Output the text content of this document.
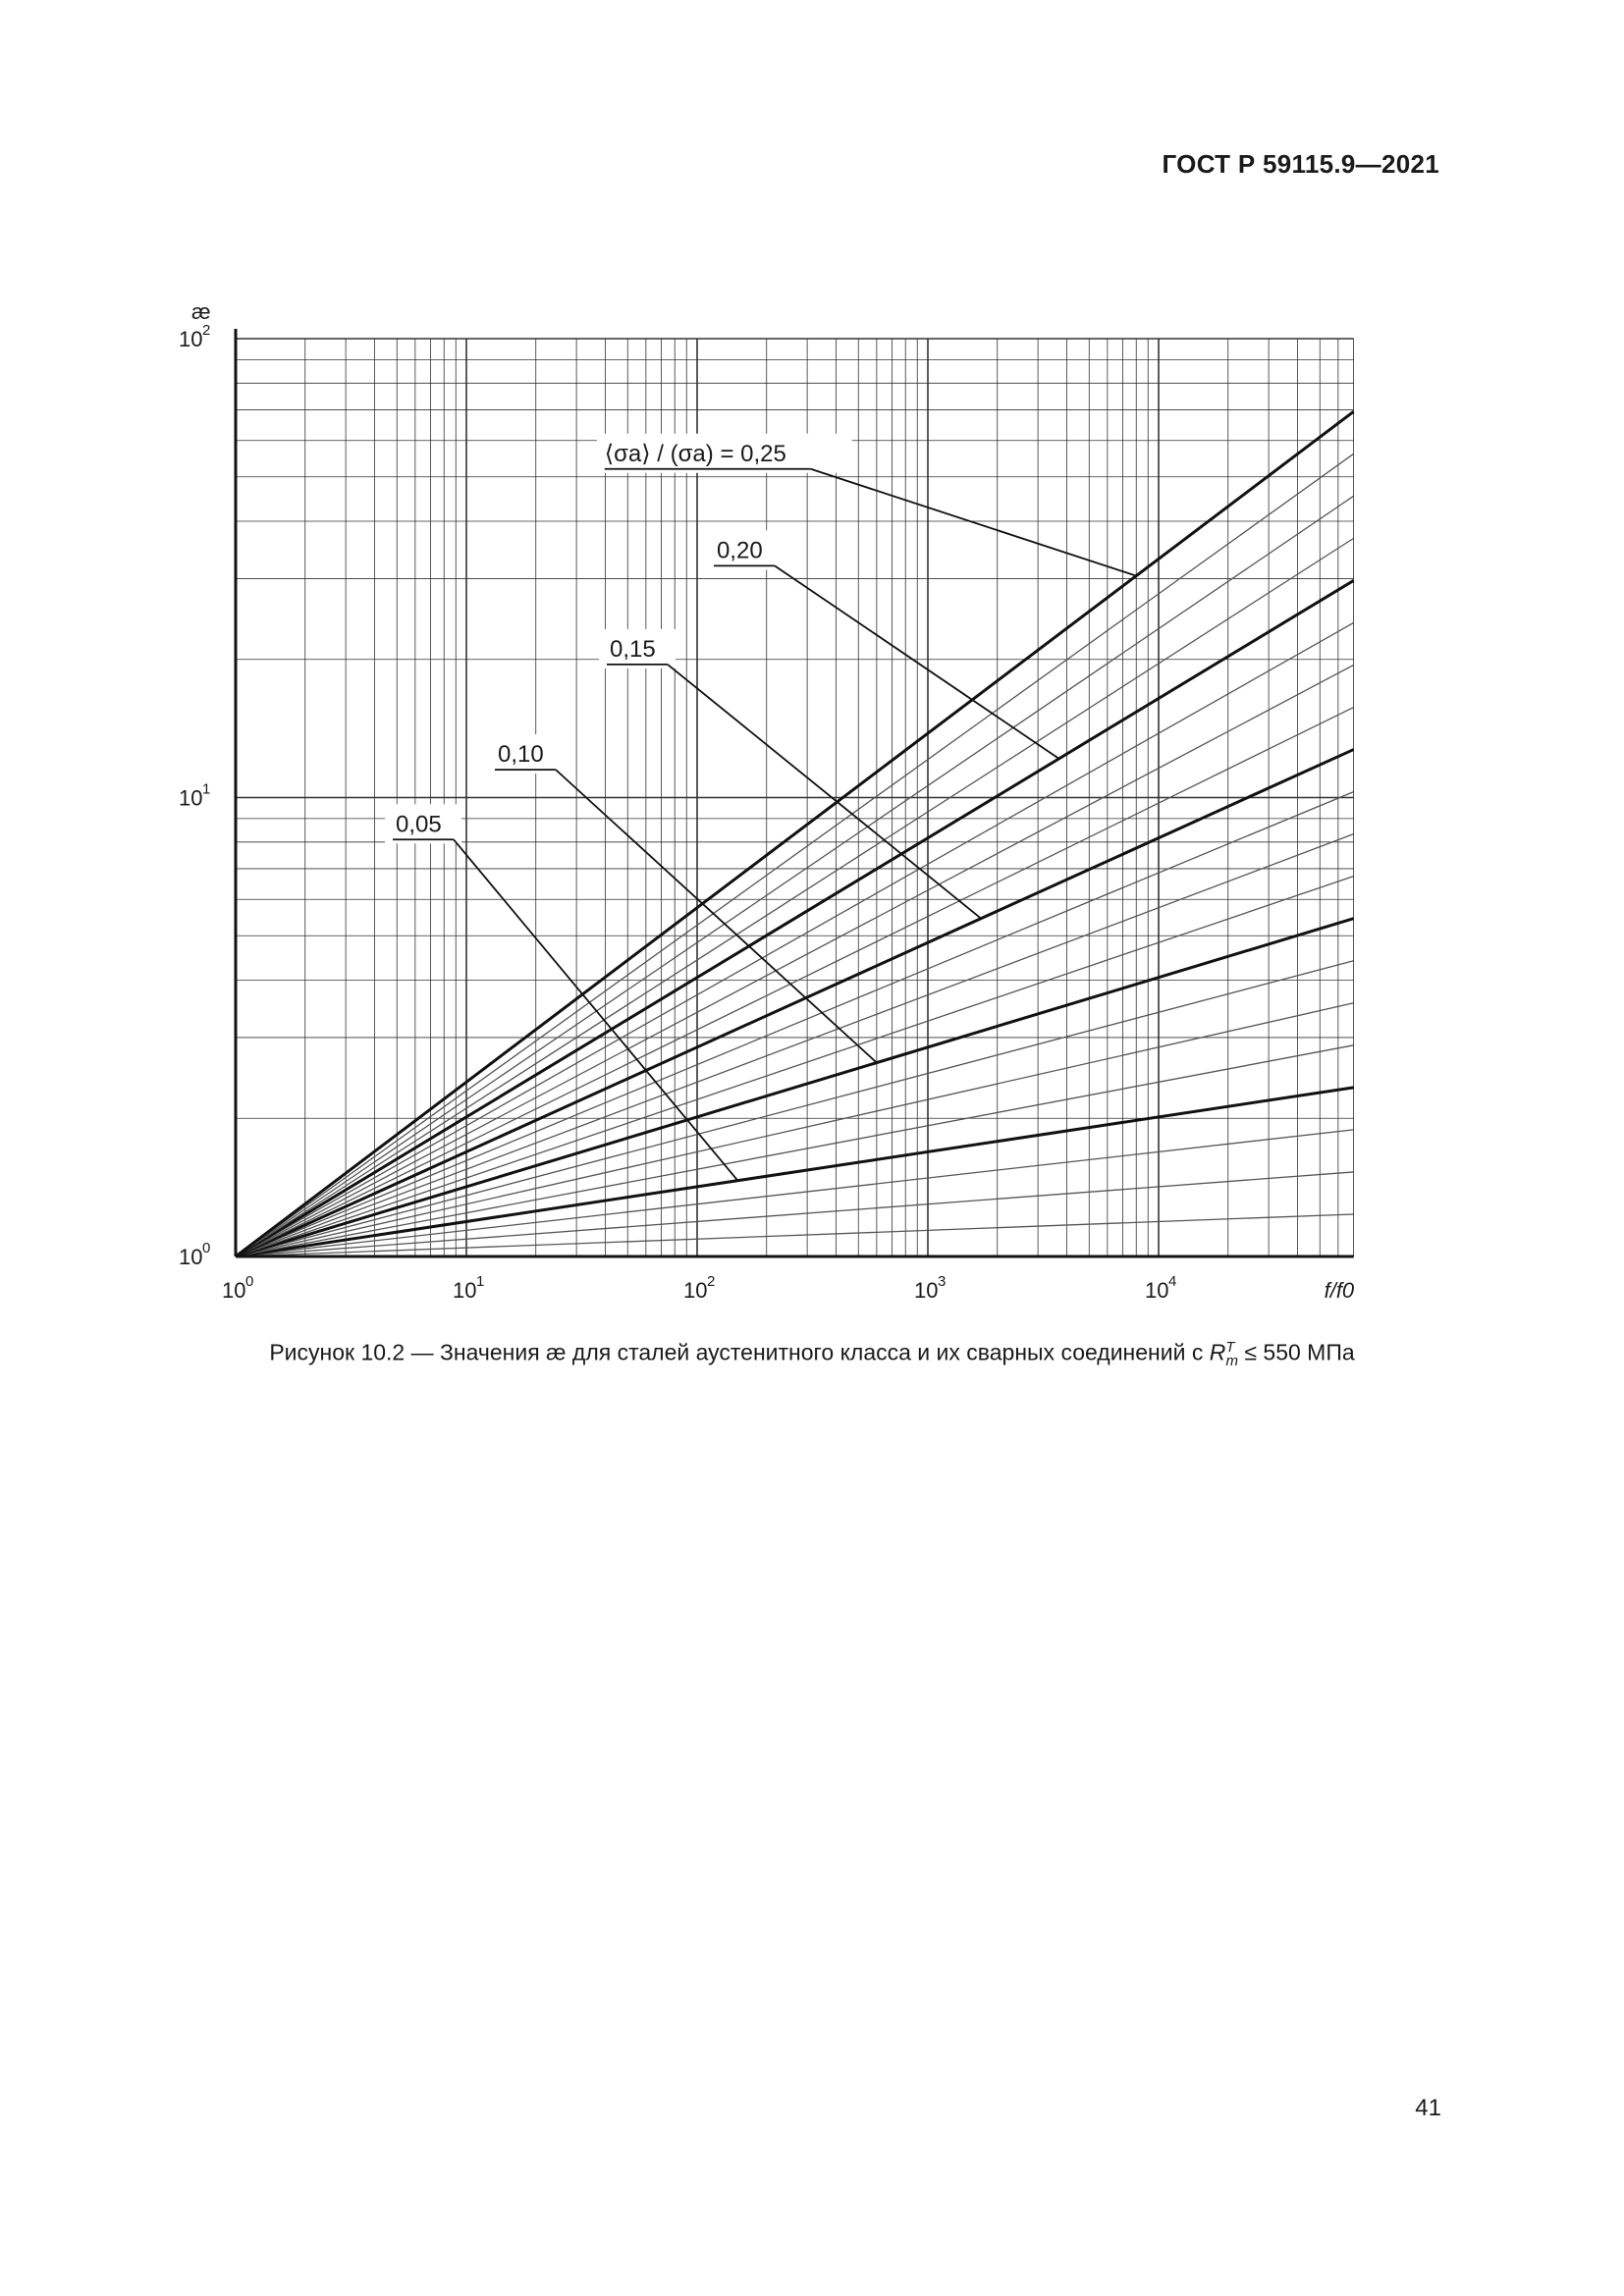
ГОСТ Р 59115.9—2021
⟨σa⟩ / (σa) = 0,25
0,20
0,15
0,10
0,05
10 0
10 1
10 2
æ
10 0	10 1	10 2	10 3	10 4	f/f0
Рисунок 10.2 — Значения æ для сталей аустенитного класса и их сварных соединений с $R^T_m \le 550$ МПа
41
